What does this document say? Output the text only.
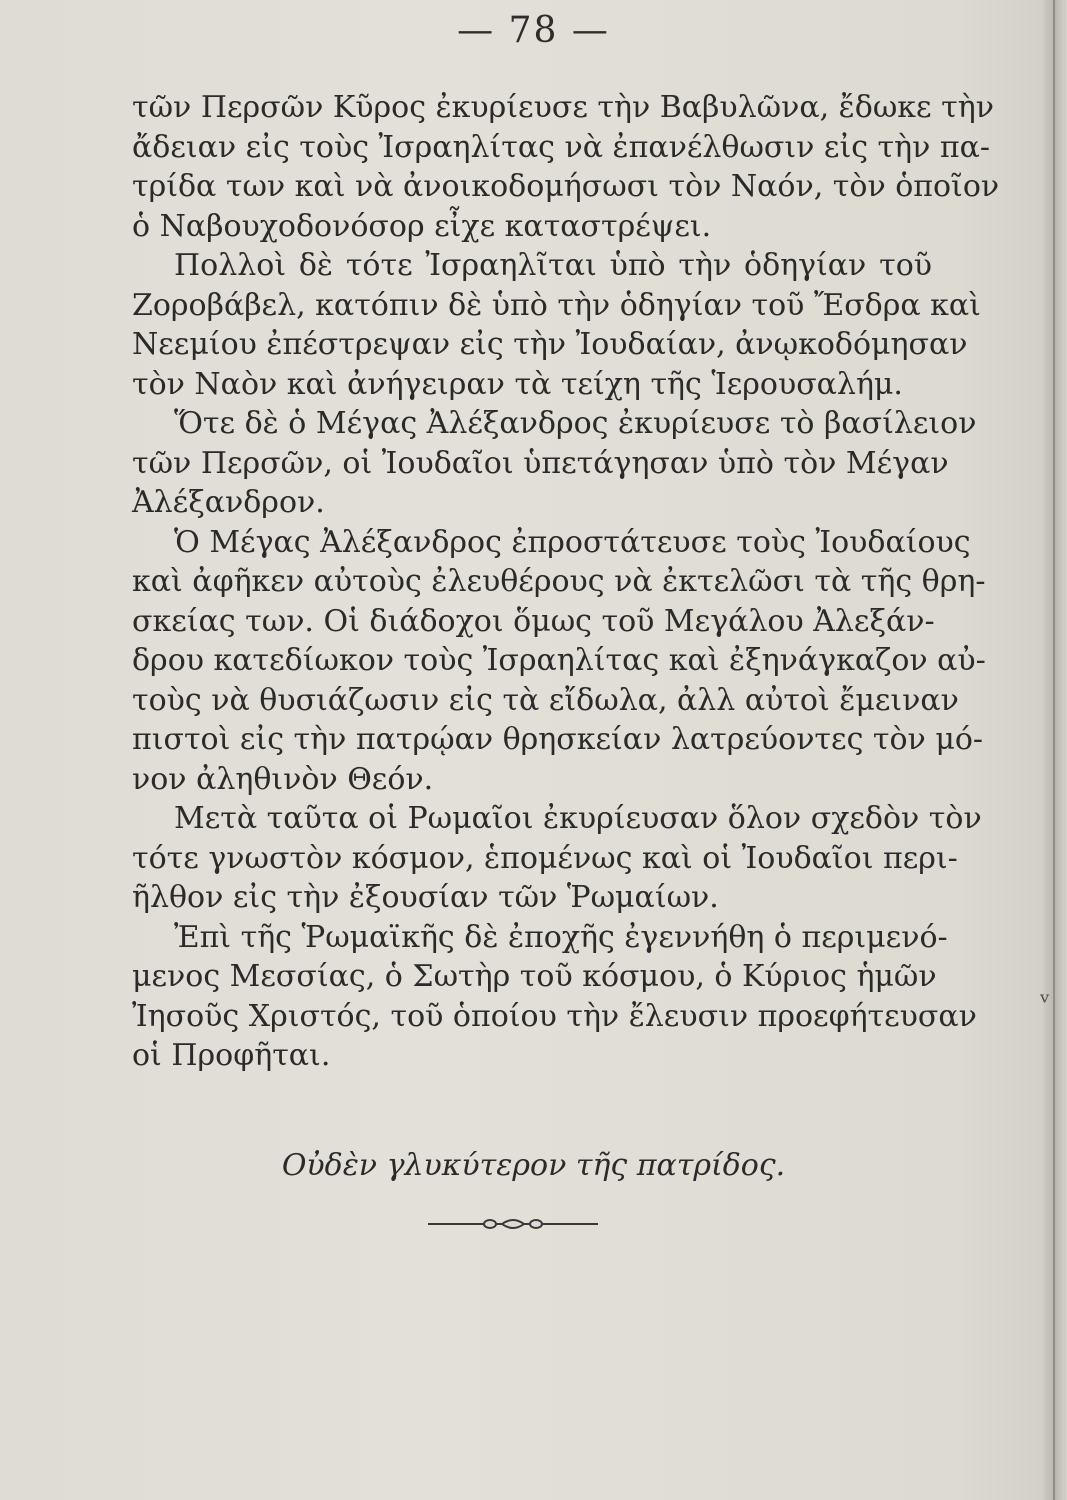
— 78 —
τῶν Περσῶν Κῦρος ἐκυρίευσε τὴν Βαβυλῶνα, ἔδωκε τὴν
ἄδειαν εἰς τοὺς Ἰσραηλίτας νὰ ἐπανέλθωσιν εἰς τὴν πα-
τρίδα των καὶ νὰ ἀνοικοδομήσωσι τὸν Ναόν, τὸν ὁποῖον
ὁ Ναβουχοδονόσορ εἶχε καταστρέψει.
Πολλοὶ δὲ τότε Ἰσραηλῖται ὑπὸ τὴν ὁδηγίαν τοῦ
Ζοροβάβελ, κατόπιν δὲ ὑπὸ τὴν ὁδηγίαν τοῦ Ἔσδρα καὶ
Νεεμίου ἐπέστρεψαν εἰς τὴν Ἰουδαίαν, ἀνῳκοδόμησαν
τὸν Ναὸν καὶ ἀνήγειραν τὰ τείχη τῆς Ἱερουσαλήμ.
Ὅτε δὲ ὁ Μέγας Ἀλέξανδρος ἐκυρίευσε τὸ βασίλειον
τῶν Περσῶν, οἱ Ἰουδαῖοι ὑπετάγησαν ὑπὸ τὸν Μέγαν
Ἀλέξανδρον.
Ὁ Μέγας Ἀλέξανδρος ἐπροστάτευσε τοὺς Ἰουδαίους
καὶ ἀφῆκεν αὐτοὺς ἐλευθέρους νὰ ἐκτελῶσι τὰ τῆς θρη-
σκείας των. Οἱ διάδοχοι ὅμως τοῦ Μεγάλου Ἀλεξάν-
δρου κατεδίωκον τοὺς Ἰσραηλίτας καὶ ἐξηνάγκαζον αὐ-
τοὺς νὰ θυσιάζωσιν εἰς τὰ εἴδωλα, ἀλλ αὐτοὶ ἔμειναν
πιστοὶ εἰς τὴν πατρῴαν θρησκείαν λατρεύοντες τὸν μό-
νον ἀληθινὸν Θεόν.
Μετὰ ταῦτα οἱ Ρωμαῖοι ἐκυρίευσαν ὅλον σχεδὸν τὸν
τότε γνωστὸν κόσμον, ἑπομένως καὶ οἱ Ἰουδαῖοι περι-
ῆλθον εἰς τὴν ἐξουσίαν τῶν Ῥωμαίων.
Ἐπὶ τῆς Ῥωμαϊκῆς δὲ ἐποχῆς ἐγεννήθη ὁ περιμενό-
μενος Μεσσίας, ὁ Σωτὴρ τοῦ κόσμου, ὁ Κύριος ἡμῶν
Ἰησοῦς Χριστός, τοῦ ὁποίου τὴν ἔλευσιν προεφήτευσαν
οἱ Προφῆται.
Οὐδὲν γλυκύτερον τῆς πατρίδος.
ᵛ
